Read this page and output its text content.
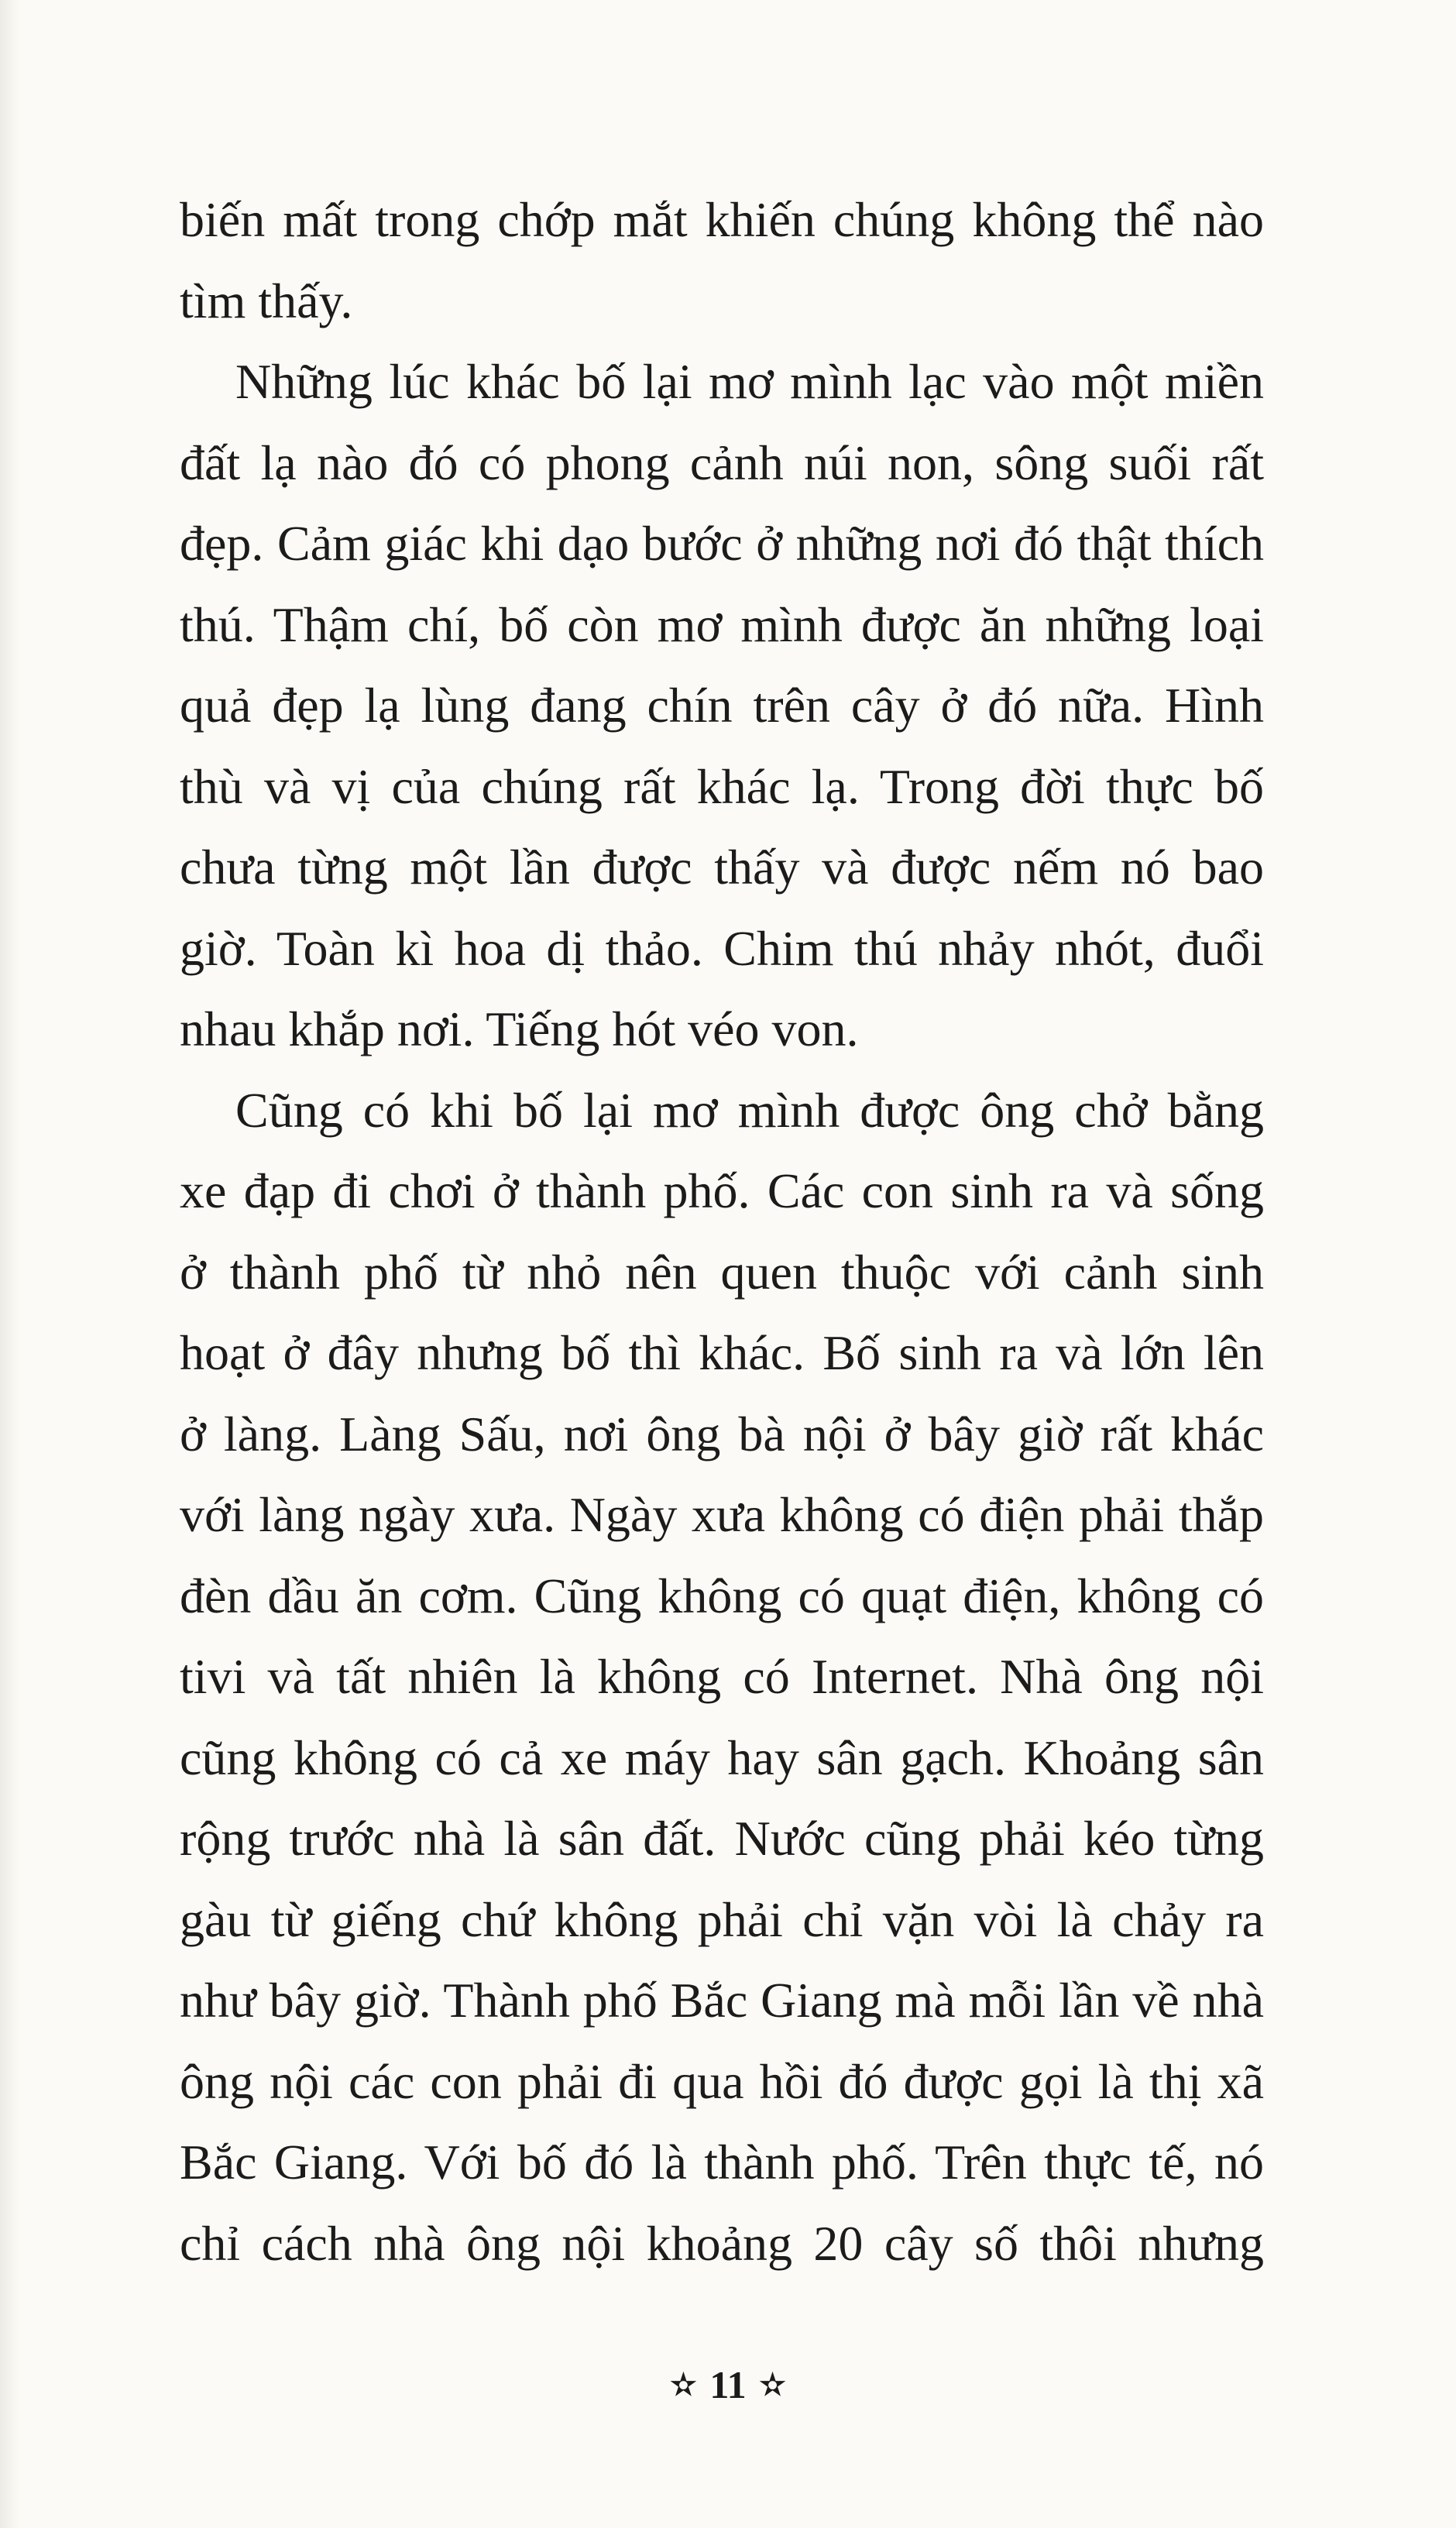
biến mất trong chớp mắt khiến chúng không thể nào
tìm thấy.
Những lúc khác bố lại mơ mình lạc vào một miền
đất lạ nào đó có phong cảnh núi non, sông suối rất
đẹp. Cảm giác khi dạo bước ở những nơi đó thật thích
thú. Thậm chí, bố còn mơ mình được ăn những loại
quả đẹp lạ lùng đang chín trên cây ở đó nữa. Hình
thù và vị của chúng rất khác lạ. Trong đời thực bố
chưa từng một lần được thấy và được nếm nó bao
giờ. Toàn kì hoa dị thảo. Chim thú nhảy nhót, đuổi
nhau khắp nơi. Tiếng hót véo von.
Cũng có khi bố lại mơ mình được ông chở bằng
xe đạp đi chơi ở thành phố. Các con sinh ra và sống
ở thành phố từ nhỏ nên quen thuộc với cảnh sinh
hoạt ở đây nhưng bố thì khác. Bố sinh ra và lớn lên
ở làng. Làng Sấu, nơi ông bà nội ở bây giờ rất khác
với làng ngày xưa. Ngày xưa không có điện phải thắp
đèn dầu ăn cơm. Cũng không có quạt điện, không có
tivi và tất nhiên là không có Internet. Nhà ông nội
cũng không có cả xe máy hay sân gạch. Khoảng sân
rộng trước nhà là sân đất. Nước cũng phải kéo từng
gàu từ giếng chứ không phải chỉ vặn vòi là chảy ra
như bây giờ. Thành phố Bắc Giang mà mỗi lần về nhà
ông nội các con phải đi qua hồi đó được gọi là thị xã
Bắc Giang. Với bố đó là thành phố. Trên thực tế, nó
chỉ cách nhà ông nội khoảng 20 cây số thôi nhưng
✫ 11 ✫
